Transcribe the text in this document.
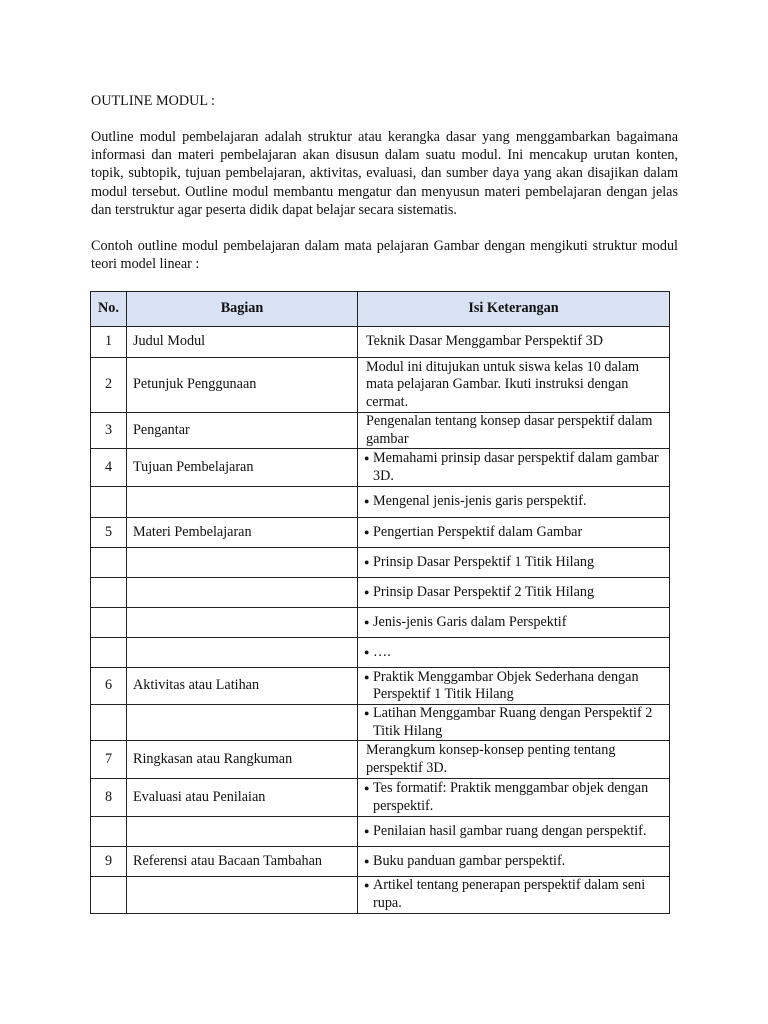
OUTLINE MODUL :

Outline modul pembelajaran adalah struktur atau kerangka dasar yang menggambarkan bagaimana informasi dan materi pembelajaran akan disusun dalam suatu modul. Ini mencakup urutan konten, topik, subtopik, tujuan pembelajaran, aktivitas, evaluasi, dan sumber daya yang akan disajikan dalam modul tersebut. Outline modul membantu mengatur dan menyusun materi pembelajaran dengan jelas dan terstruktur agar peserta didik dapat belajar secara sistematis.

Contoh outline modul pembelajaran dalam mata pelajaran Gambar dengan mengikuti struktur modul teori model linear :

No.	Bagian	Isi Keterangan
1	Judul Modul	Teknik Dasar Menggambar Perspektif 3D

2	Petunjuk Penggunaan	Modul ini ditujukan untuk siswa kelas 10 dalam mata pelajaran Gambar. Ikuti instruksi dengan cermat.

3	Pengantar	Pengenalan tentang konsep dasar perspektif dalam gambar

4	Tujuan Pembelajaran	● Memahami prinsip dasar perspektif dalam gambar 3D.

		● Mengenal jenis-jenis garis perspektif.

5	Materi Pembelajaran	● Pengertian Perspektif dalam Gambar

		● Prinsip Dasar Perspektif 1 Titik Hilang

		● Prinsip Dasar Perspektif 2 Titik Hilang

		● Jenis-jenis Garis dalam Perspektif

		● ….

6	Aktivitas atau Latihan	● Praktik Menggambar Objek Sederhana dengan Perspektif 1 Titik Hilang

		● Latihan Menggambar Ruang dengan Perspektif 2 Titik Hilang

7	Ringkasan atau Rangkuman	Merangkum konsep-konsep penting tentang perspektif 3D.

8	Evaluasi atau Penilaian	● Tes formatif: Praktik menggambar objek dengan perspektif.

		● Penilaian hasil gambar ruang dengan perspektif.

9	Referensi atau Bacaan Tambahan	● Buku panduan gambar perspektif.

		● Artikel tentang penerapan perspektif dalam seni rupa.
